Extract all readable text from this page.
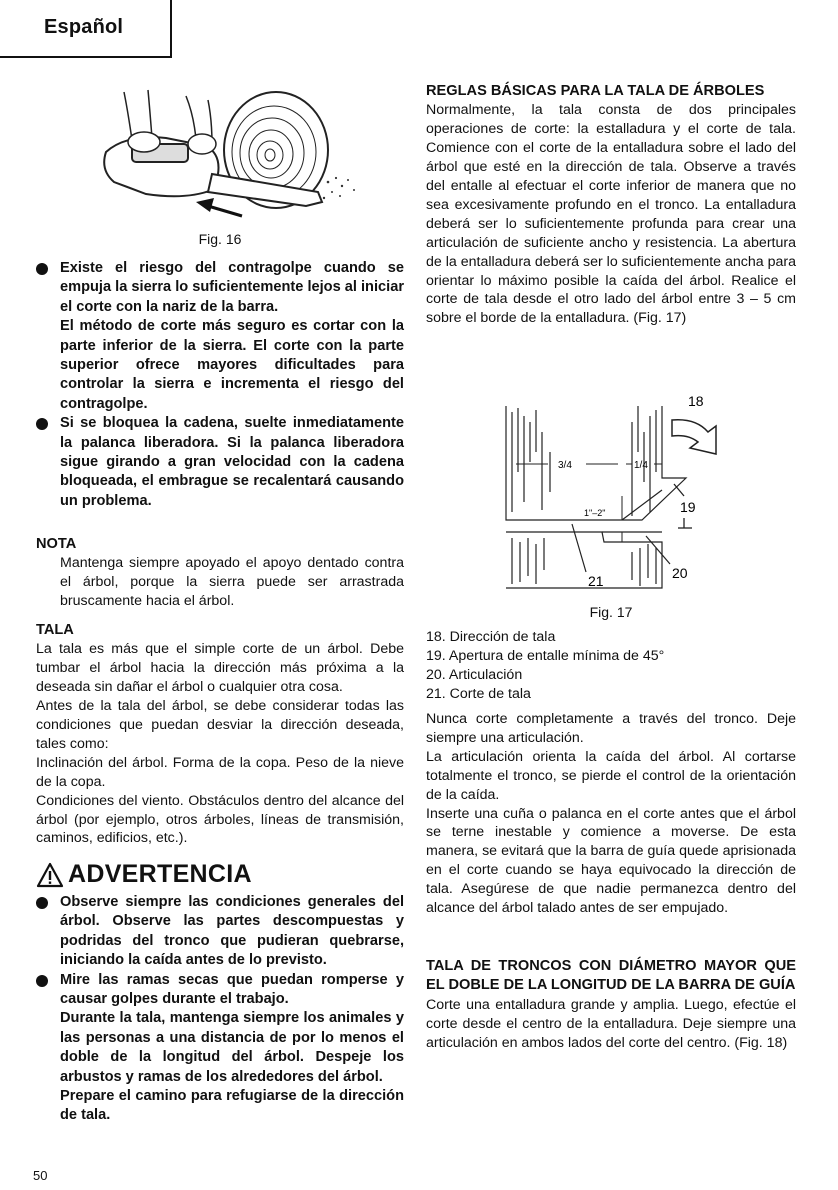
Español
Fig. 16

Existe el riesgo del contragolpe cuando se empuja la sierra lo suficientemente lejos al iniciar el corte con la nariz de la barra.

El método de corte más seguro es cortar con la parte inferior de la sierra. El corte con la parte superior ofrece mayores dificultades para controlar la sierra e incrementa el riesgo del contragolpe.

Si se bloquea la cadena, suelte inmediatamente la palanca liberadora. Si la palanca liberadora sigue girando a gran velocidad con la cadena bloqueada, el embrague se recalentará causando un problema.

NOTA

Mantenga siempre apoyado el apoyo dentado contra el árbol, porque la sierra puede ser arrastrada bruscamente hacia el árbol.

TALA

La tala es más que el simple corte de un árbol. Debe tumbar el árbol hacia la dirección más próxima a la deseada sin dañar el árbol o cualquier otra cosa.

Antes de la tala del árbol, se debe considerar todas las condiciones que puedan desviar la dirección deseada, tales como:

Inclinación del árbol. Forma de la copa. Peso de la nieve de la copa.

Condiciones del viento. Obstáculos dentro del alcance del árbol (por ejemplo, otros árboles, líneas de transmisión, caminos, edificios, etc.).

ADVERTENCIA

Observe siempre las condiciones generales del árbol. Observe las partes descompuestas y podridas del tronco que pudieran quebrarse, iniciando la caída antes de lo previsto.

Mire las ramas secas que puedan romperse y causar golpes durante el trabajo.

Durante la tala, mantenga siempre los animales y las personas a una distancia de por lo menos el doble de la longitud del árbol. Despeje los arbustos y ramas de los alrededores del árbol.

Prepare el camino para refugiarse de la dirección de tala.

50

REGLAS BÁSICAS PARA LA TALA DE ÁRBOLES

Normalmente, la tala consta de dos principales operaciones de corte: la estalladura y el corte de tala. Comience con el corte de la entalladura sobre el lado del árbol que esté en la dirección de tala. Observe a través del entalle al efectuar el corte inferior de manera que no sea excesivamente profundo en el tronco. La entalladura deberá ser lo suficientemente profunda para crear una articulación de suficiente ancho y resistencia. La abertura de la entalladura deberá ser lo suficientemente ancha para orientar lo máximo posible la caída del árbol. Realice el corte de tala desde el otro lado del árbol entre 3 – 5 cm sobre el borde de la entalladura. (Fig. 17)

3/4	1/4
1"–2"
18
19
20
21
Fig. 17

18. Dirección de tala

19. Apertura de entalle mínima de 45°

20. Articulación

21. Corte de tala

Nunca corte completamente a través del tronco. Deje siempre una articulación.

La articulación orienta la caída del árbol. Al cortarse totalmente el tronco, se pierde el control de la orientación de la caída.

Inserte una cuña o palanca en el corte antes que el árbol se terne inestable y comience a moverse. De esta manera, se evitará que la barra de guía quede aprisionada en el corte cuando se haya equivocado la dirección de tala. Asegúrese de que nadie permanezca dentro del alcance del árbol talado antes de ser empujado.

TALA DE TRONCOS CON DIÁMETRO MAYOR QUE EL DOBLE DE LA LONGITUD DE LA BARRA DE GUÍA

Corte una entalladura grande y amplia. Luego, efectúe el corte desde el centro de la entalladura. Deje siempre una articulación en ambos lados del corte del centro. (Fig. 18)
